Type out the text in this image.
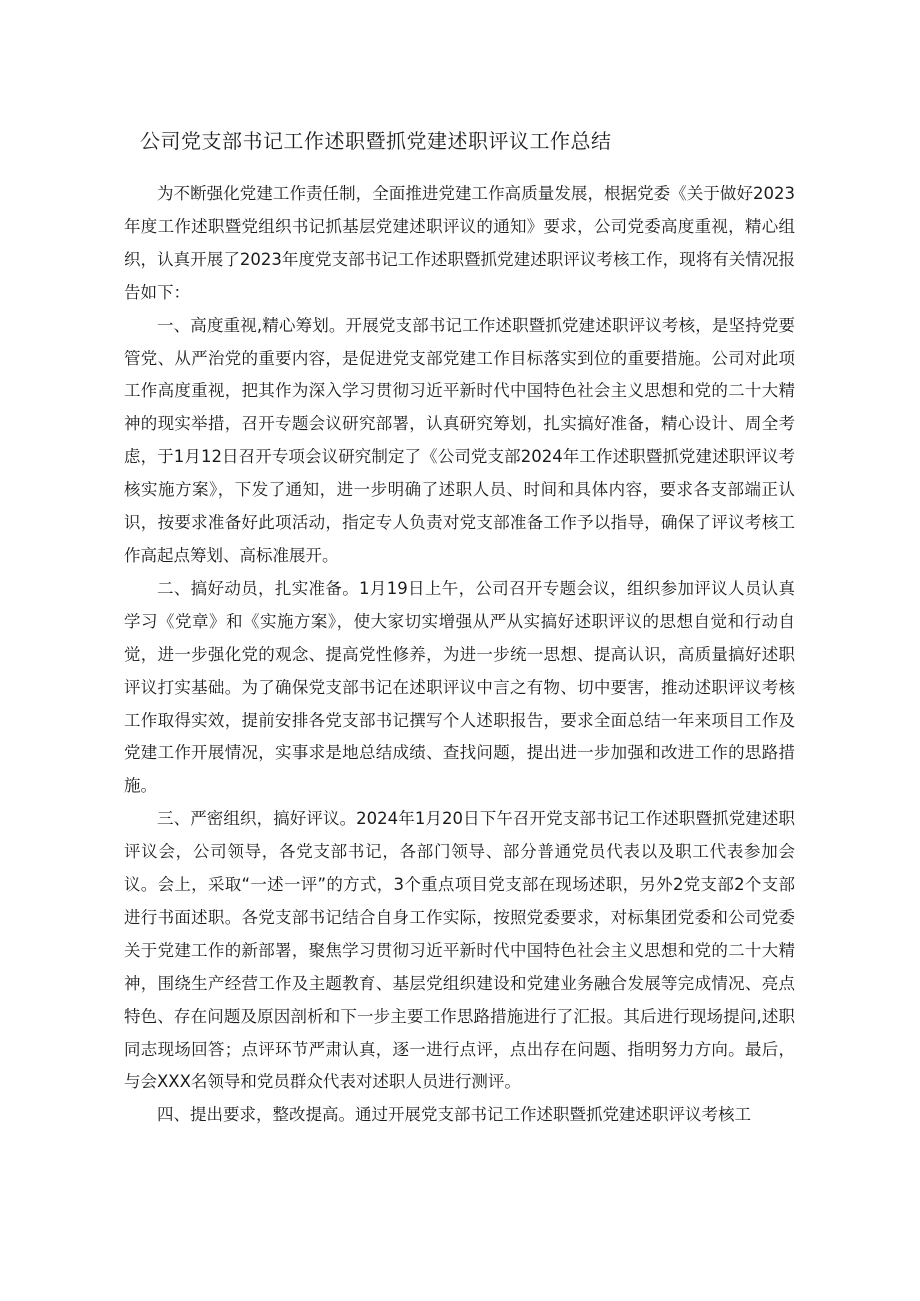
公司党支部书记工作述职暨抓党建述职评议工作总结

为不断强化党建工作责任制，全面推进党建工作高质量发展，根据党委《关于做好2023年度工作述职暨党组织书记抓基层党建述职评议的通知》要求，公司党委高度重视，精心组织，认真开展了2023年度党支部书记工作述职暨抓党建述职评议考核工作，现将有关情况报告如下：

一、高度重视,精心筹划。开展党支部书记工作述职暨抓党建述职评议考核，是坚持党要管党、从严治党的重要内容，是促进党支部党建工作目标落实到位的重要措施。公司对此项工作高度重视，把其作为深入学习贯彻习近平新时代中国特色社会主义思想和党的二十大精神的现实举措，召开专题会议研究部署，认真研究筹划，扎实搞好准备，精心设计、周全考虑，于1月12日召开专项会议研究制定了《公司党支部2024年工作述职暨抓党建述职评议考核实施方案》，下发了通知，进一步明确了述职人员、时间和具体内容，要求各支部端正认识，按要求准备好此项活动，指定专人负责对党支部准备工作予以指导，确保了评议考核工作高起点筹划、高标准展开。

二、搞好动员，扎实准备。1月19日上午，公司召开专题会议，组织参加评议人员认真学习《党章》和《实施方案》，使大家切实增强从严从实搞好述职评议的思想自觉和行动自觉，进一步强化党的观念、提高党性修养，为进一步统一思想、提高认识，高质量搞好述职评议打实基础。为了确保党支部书记在述职评议中言之有物、切中要害，推动述职评议考核工作取得实效，提前安排各党支部书记撰写个人述职报告，要求全面总结一年来项目工作及党建工作开展情况，实事求是地总结成绩、查找问题，提出进一步加强和改进工作的思路措施。

三、严密组织，搞好评议。2024年1月20日下午召开党支部书记工作述职暨抓党建述职评议会，公司领导，各党支部书记，各部门领导、部分普通党员代表以及职工代表参加会议。会上，采取“一述一评”的方式，3个重点项目党支部在现场述职，另外2党支部2个支部进行书面述职。各党支部书记结合自身工作实际，按照党委要求，对标集团党委和公司党委关于党建工作的新部署，聚焦学习贯彻习近平新时代中国特色社会主义思想和党的二十大精神，围绕生产经营工作及主题教育、基层党组织建设和党建业务融合发展等完成情况、亮点特色、存在问题及原因剖析和下一步主要工作思路措施进行了汇报。其后进行现场提问,述职同志现场回答；点评环节严肃认真，逐一进行点评，点出存在问题、指明努力方向。最后，与会XXX名领导和党员群众代表对述职人员进行测评。

四、提出要求，整改提高。通过开展党支部书记工作述职暨抓党建述职评议考核工
